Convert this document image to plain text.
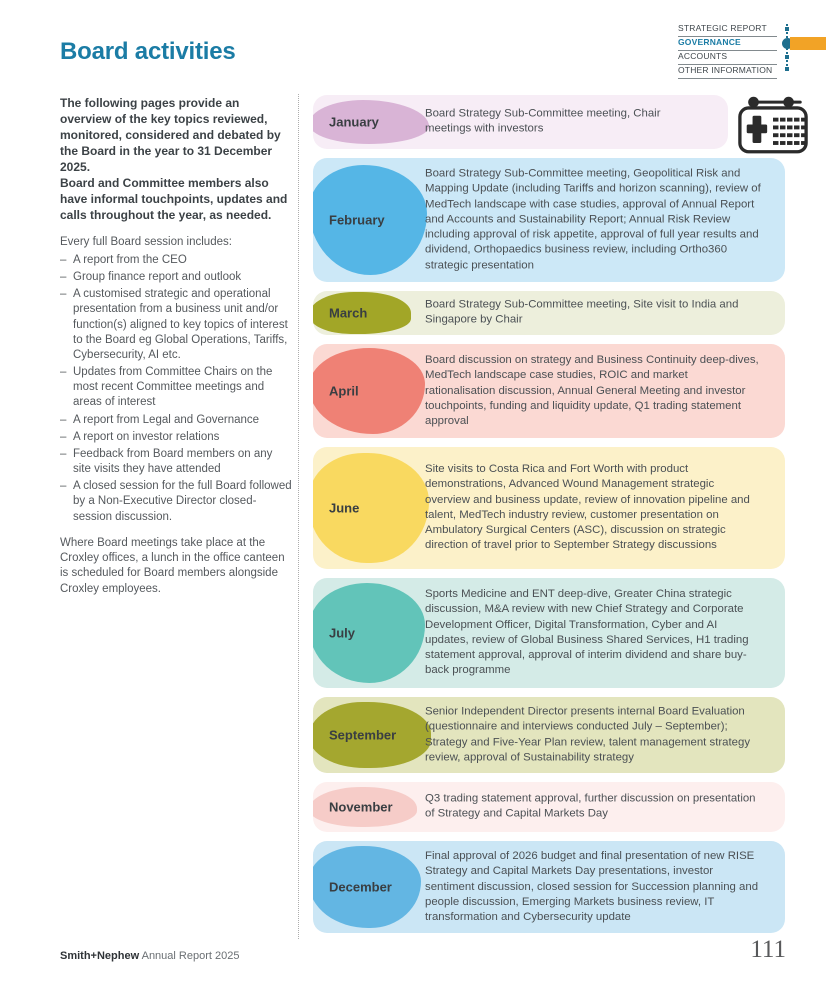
Board activities
STRATEGIC REPORT
GOVERNANCE
ACCOUNTS
OTHER INFORMATION
The following pages provide an overview of the key topics reviewed, monitored, considered and debated by the Board in the year to 31 December 2025.
Board and Committee members also have informal touchpoints, updates and calls throughout the year, as needed.
Every full Board session includes:
– A report from the CEO
– Group finance report and outlook
– A customised strategic and operational presentation from a business unit and/or function(s) aligned to key topics of interest to the Board eg Global Operations, Tariffs, Cybersecurity, AI etc.
– Updates from Committee Chairs on the most recent Committee meetings and areas of interest
– A report from Legal and Governance
– A report on investor relations
– Feedback from Board members on any site visits they have attended
– A closed session for the full Board followed by a Non-Executive Director closed-session discussion.
Where Board meetings take place at the Croxley offices, a lunch in the office canteen is scheduled for Board members alongside Croxley employees.
January
Board Strategy Sub-Committee meeting, Chair meetings with investors
February
Board Strategy Sub-Committee meeting, Geopolitical Risk and Mapping Update (including Tariffs and horizon scanning), review of MedTech landscape with case studies, approval of Annual Report and Accounts and Sustainability Report; Annual Risk Review including approval of risk appetite, approval of full year results and dividend, Orthopaedics business review, including Ortho360 strategic presentation
March
Board Strategy Sub-Committee meeting, Site visit to India and Singapore by Chair
April
Board discussion on strategy and Business Continuity deep-dives, MedTech landscape case studies, ROIC and market rationalisation discussion, Annual General Meeting and investor touchpoints, funding and liquidity update, Q1 trading statement approval
June
Site visits to Costa Rica and Fort Worth with product demonstrations, Advanced Wound Management strategic overview and business update, review of innovation pipeline and talent, MedTech industry review, customer presentation on Ambulatory Surgical Centers (ASC), discussion on strategic direction of travel prior to September Strategy discussions
July
Sports Medicine and ENT deep-dive, Greater China strategic discussion, M&A review with new Chief Strategy and Corporate Development Officer, Digital Transformation, Cyber and AI updates, review of Global Business Shared Services, H1 trading statement approval, approval of interim dividend and share buy-back programme
September
Senior Independent Director presents internal Board Evaluation (questionnaire and interviews conducted July – September); Strategy and Five-Year Plan review, talent management strategy review, approval of Sustainability strategy
November
Q3 trading statement approval, further discussion on presentation of Strategy and Capital Markets Day
December
Final approval of 2026 budget and final presentation of new RISE Strategy and Capital Markets Day presentations, investor sentiment discussion, closed session for Succession planning and people discussion, Emerging Markets business review, IT transformation and Cybersecurity update
Smith+Nephew Annual Report 2025	111
